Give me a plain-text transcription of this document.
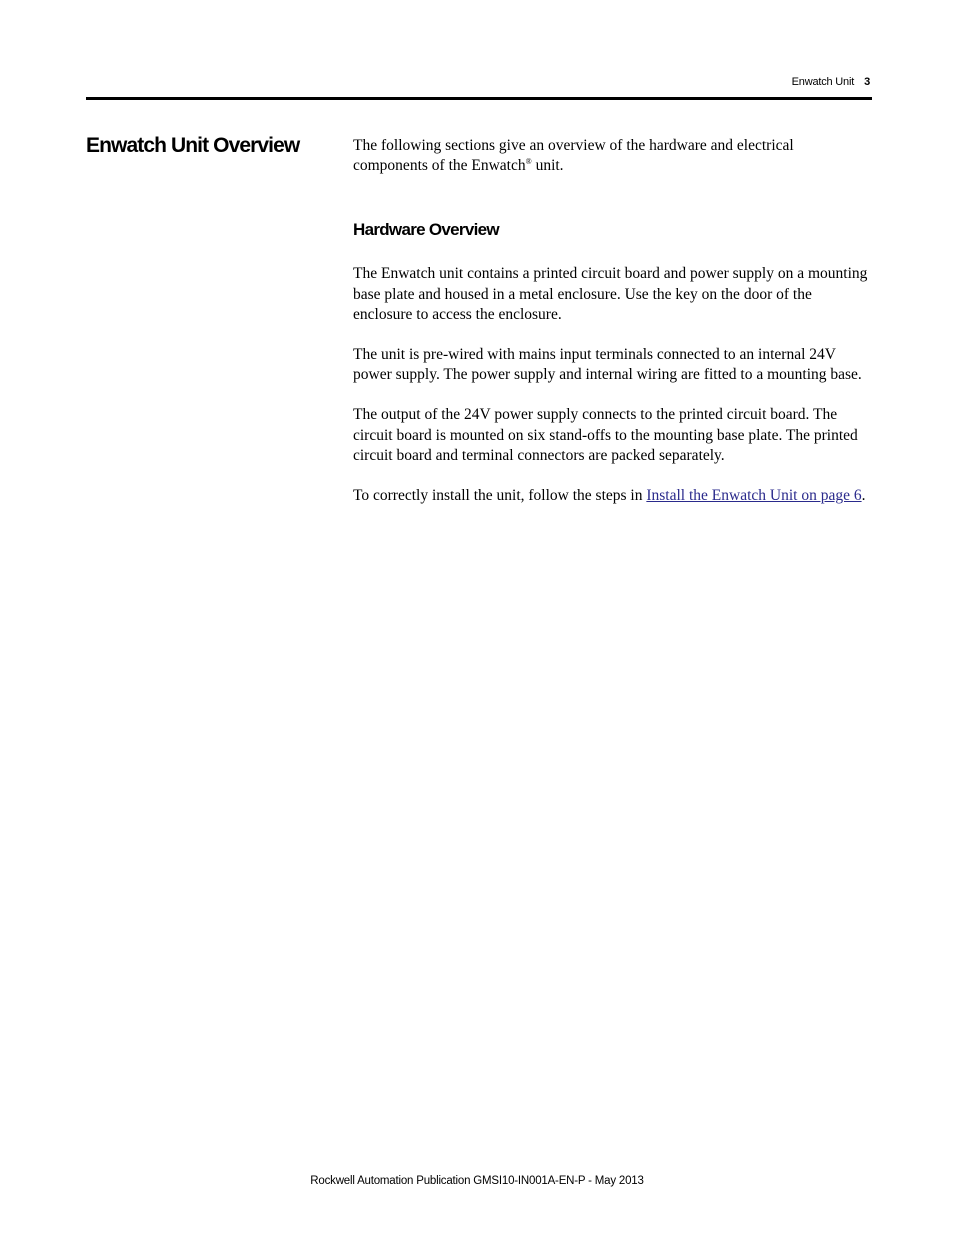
Enwatch Unit 3
Enwatch Unit Overview	The following sections give an overview of the hardware and electrical components of the Enwatch® unit.

Hardware Overview

The Enwatch unit contains a printed circuit board and power supply on a mounting base plate and housed in a metal enclosure. Use the key on the door of the enclosure to access the enclosure.

The unit is pre-wired with mains input terminals connected to an internal 24V power supply. The power supply and internal wiring are fitted to a mounting base.

The output of the 24V power supply connects to the printed circuit board. The circuit board is mounted on six stand-offs to the mounting base plate. The printed circuit board and terminal connectors are packed separately.

To correctly install the unit, follow the steps in Install the Enwatch Unit on page 6.

Rockwell Automation Publication GMSI10-IN001A-EN-P - May 2013
